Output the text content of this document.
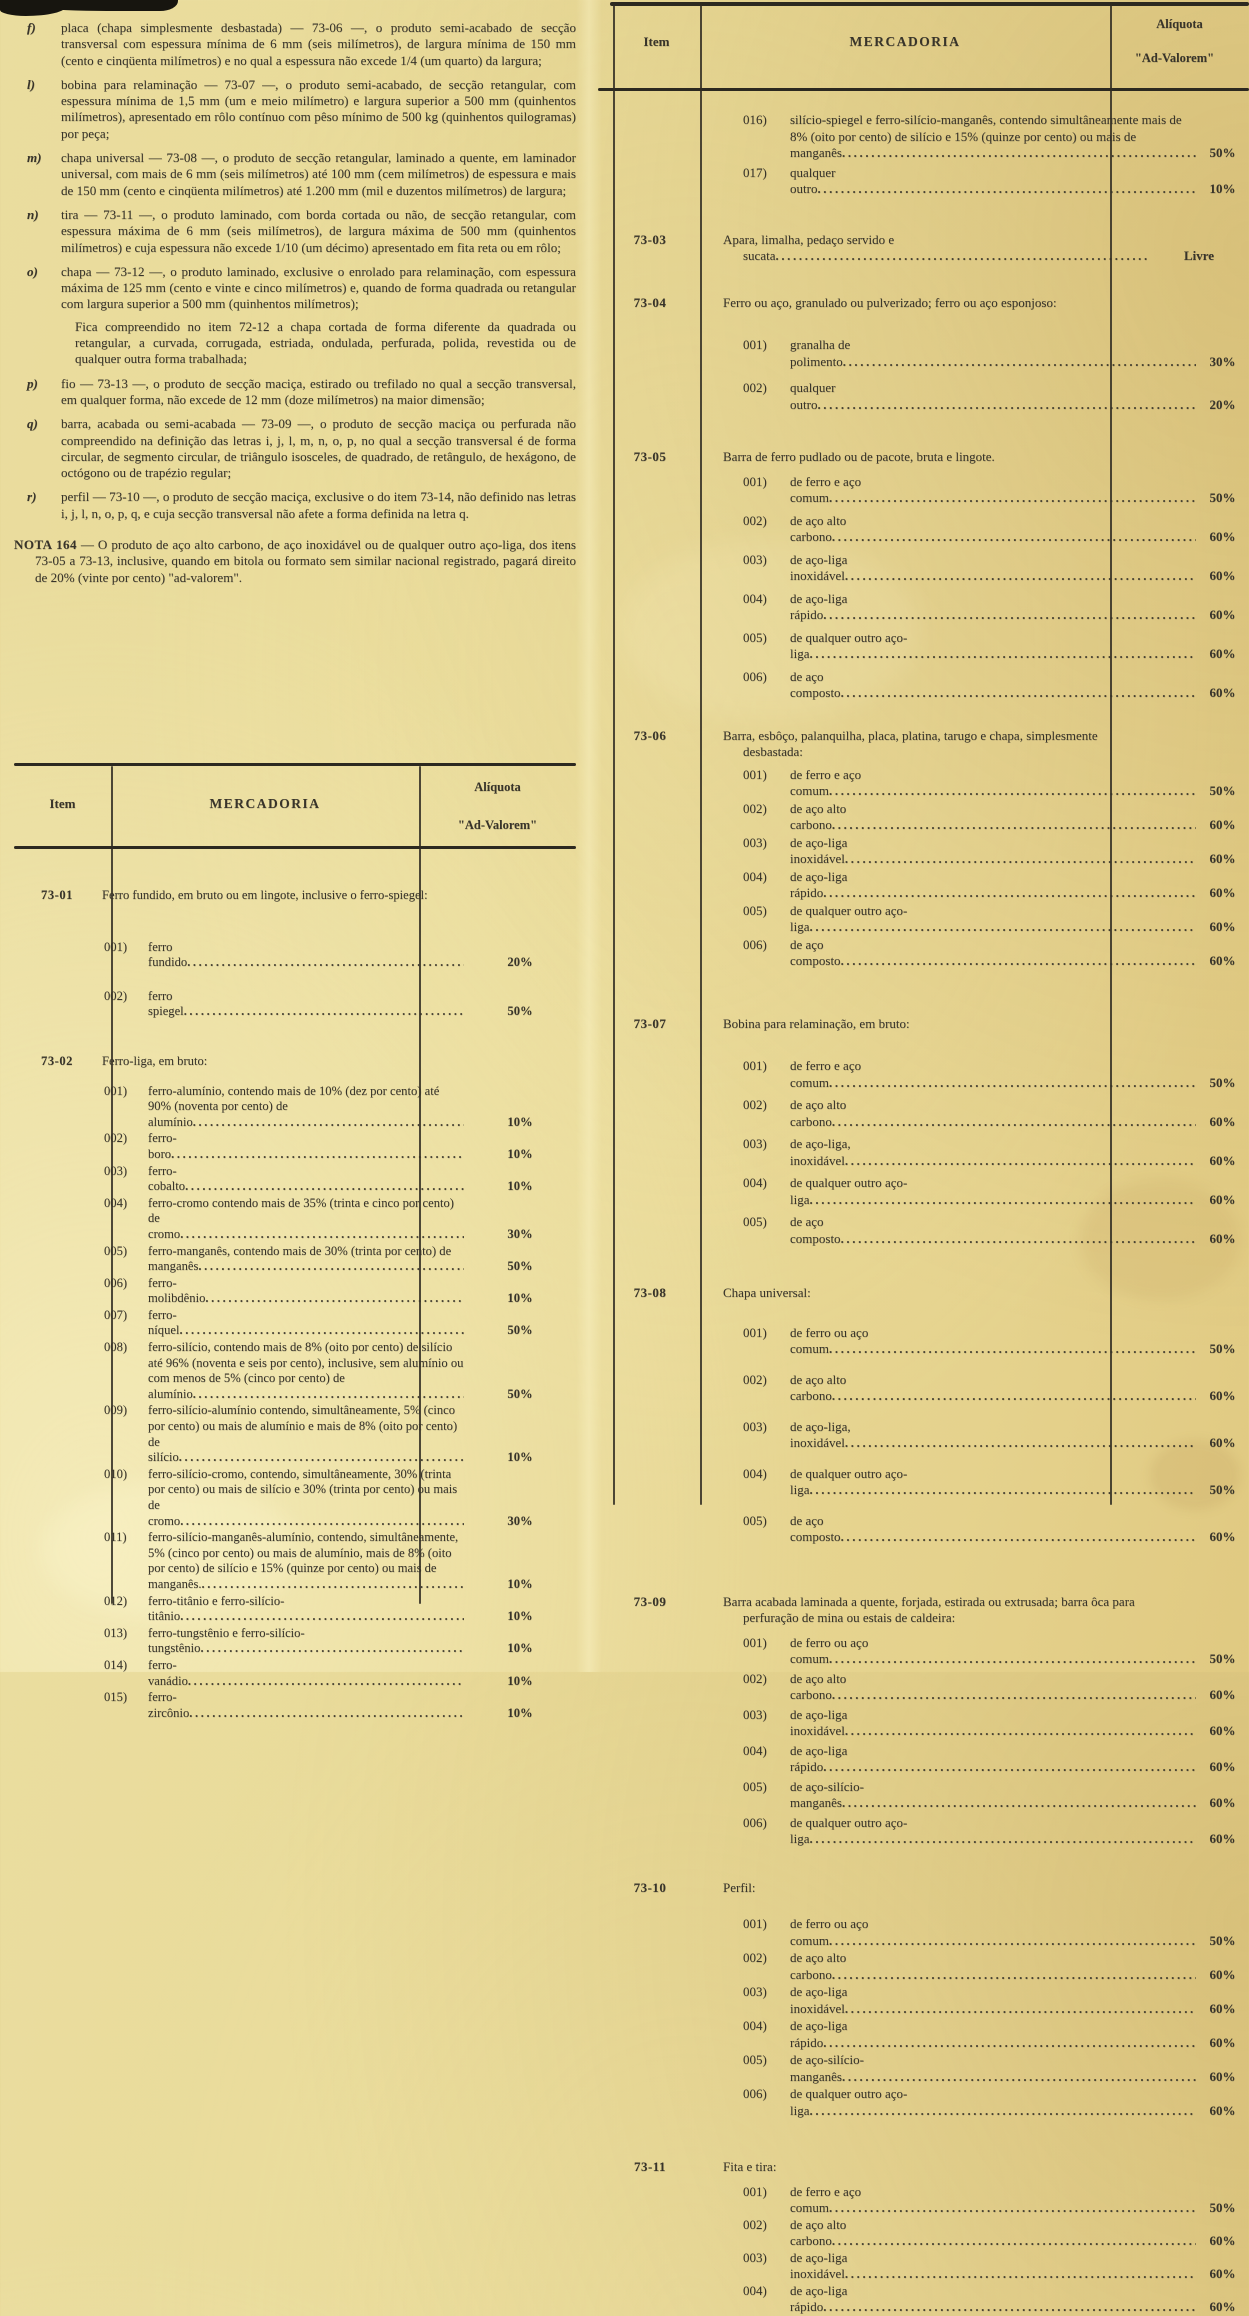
f) placa (chapa simplesmente desbastada) — 73-06 —, o produto semi-acabado de secção transversal com espessura mínima de 6 mm (seis milímetros), de largura mínima de 150 mm (cento e cinqüenta milímetros) e no qual a espessura não excede 1/4 (um quarto) da largura;
l) bobina para relaminação — 73-07 —, o produto semi-acabado, de secção retangular, com espessura mínima de 1,5 mm (um e meio milímetro) e largura superior a 500 mm (quinhentos milímetros), apresentado em rôlo contínuo com pêso mínimo de 500 kg (quinhentos quilogramas) por peça;
m) chapa universal — 73-08 —, o produto de secção retangular, laminado a quente, em laminador universal, com mais de 6 mm (seis milímetros) até 100 mm (cem milímetros) de espessura e mais de 150 mm (cento e cinqüenta milímetros) até 1.200 mm (mil e duzentos milímetros) de largura;
n) tira — 73-11 —, o produto laminado, com borda cortada ou não, de secção retangular, com espessura máxima de 6 mm (seis milímetros), de largura máxima de 500 mm (quinhentos milímetros) e cuja espessura não excede 1/10 (um décimo) apresentado em fita reta ou em rôlo;
o) chapa — 73-12 —, o produto laminado, exclusive o enrolado para relaminação, com espessura máxima de 125 mm (cento e vinte e cinco milímetros) e, quando de forma quadrada ou retangular com largura superior a 500 mm (quinhentos milímetros);
Fica compreendido no item 72-12 a chapa cortada de forma diferente da quadrada ou retangular, a curvada, corrugada, estriada, ondulada, perfurada, polida, revestida ou de qualquer outra forma trabalhada;
p) fio — 73-13 —, o produto de secção maciça, estirado ou trefilado no qual a secção transversal, em qualquer forma, não excede de 12 mm (doze milímetros) na maior dimensão;
q) barra, acabada ou semi-acabada — 73-09 —, o produto de secção maciça ou perfurada não compreendido na definição das letras i, j, l, m, n, o, p, no qual a secção transversal é de forma circular, de segmento circular, de triângulo isosceles, de quadrado, de retângulo, de hexágono, de octógono ou de trapézio regular;
r) perfil — 73-10 —, o produto de secção maciça, exclusive o do item 73-14, não definido nas letras i, j, l, n, o, p, q, e cuja secção transversal não afete a forma definida na letra q.
NOTA 164 — O produto de aço alto carbono, de aço inoxidável ou de qualquer outro aço-liga, dos itens 73-05 a 73-13, inclusive, quando em bitola ou formato sem similar nacional registrado, pagará direito de 20% (vinte por cento) "ad-valorem".
Item	MERCADORIA
Alíquota
"Ad-Valorem"
73-01	Ferro fundido, em bruto ou em lingote, inclusive o ferro-spiegel:
001) ferro fundido .....	20%
002) ferro spiegel .....	50%
73-02	Ferro-liga, em bruto:
001) ferro-alumínio, contendo mais de 10% (dez por cento) até 90% (noventa por cento) de alumínio .....	10%
002) ferro-boro .....	10%
003) ferro-cobalto .....	10%
004) ferro-cromo contendo mais de 35% (trinta e cinco por cento) de cromo .....	30%
005) ferro-manganês, contendo mais de 30% (trinta por cento) de manganês .....	50%
006) ferro-molibdênio .....	10%
007) ferro-níquel .....	50%
008) ferro-silício, contendo mais de 8% (oito por cento) de silício até 96% (noventa e seis por cento), inclusive, sem alumínio ou com menos de 5% (cinco por cento) de alumínio .....	50%
009) ferro-silício-alumínio contendo, simultâneamente, 5% (cinco por cento) ou mais de alumínio e mais de 8% (oito por cento) de silício .....	10%
010) ferro-silício-cromo, contendo, simultâneamente, 30% (trinta por cento) ou mais de silício e 30% (trinta por cento) ou mais de cromo .....	30%
011) ferro-silício-manganês-alumínio, contendo, simultâneamente, 5% (cinco por cento) ou mais de alumínio, mais de 8% (oito por cento) de silício e 15% (quinze por cento) ou mais de manganês. .....	10%
012) ferro-titânio e ferro-silício-titânio .....	10%
013) ferro-tungstênio e ferro-silício-tungstênio .....	10%
014) ferro-vanádio .....	10%
015) ferro-zircônio .....	10%
Item	MERCADORIA
Alíquota
"Ad-Valorem"
016) silício-spiegel e ferro-silício-manganês, contendo simultâneamente mais de 8% (oito por cento) de silício e 15% (quinze por cento) ou mais de manganês .....	50%
017) qualquer outro .....	10%
73-03	Apara, limalha, pedaço servido e sucata .....	Livre
73-04	Ferro ou aço, granulado ou pulverizado; ferro ou aço esponjoso:
001) granalha de polimento .....	30%
002) qualquer outro .....	20%
73-05	Barra de ferro pudlado ou de pacote, bruta e lingote.
001) de ferro e aço comum .....	50%
002) de aço alto carbono .....	60%
003) de aço-liga inoxidável .....	60%
004) de aço-liga rápido .....	60%
005) de qualquer outro aço-liga .....	60%
006) de aço composto .....	60%
73-06	Barra, esbôço, palanquilha, placa, platina, tarugo e chapa, simplesmente desbastada:
001) de ferro e aço comum .....	50%
002) de aço alto carbono .....	60%
003) de aço-liga inoxidável .....	60%
004) de aço-liga rápido .....	60%
005) de qualquer outro aço-liga .....	60%
006) de aço composto .....	60%
73-07	Bobina para relaminação, em bruto:
001) de ferro e aço comum .....	50%
002) de aço alto carbono .....	60%
003) de aço-liga, inoxidável .....	60%
004) de qualquer outro aço-liga .....	60%
005) de aço composto .....	60%
73-08	Chapa universal:
001) de ferro ou aço comum .....	50%
002) de aço alto carbono .....	60%
003) de aço-liga, inoxidável .....	60%
004) de qualquer outro aço-liga .....	50%
005) de aço composto .....	60%
73-09	Barra acabada laminada a quente, forjada, estirada ou extrusada; barra ôca para perfuração de mina ou estais de caldeira:
001) de ferro ou aço comum .....	50%
002) de aço alto carbono .....	60%
003) de aço-liga inoxidável .....	60%
004) de aço-liga rápido .....	60%
005) de aço-silício-manganês .....	60%
006) de qualquer outro aço-liga .....	60%
73-10	Perfil:
001) de ferro ou aço comum .....	50%
002) de aço alto carbono .....	60%
003) de aço-liga inoxidável .....	60%
004) de aço-liga rápido .....	60%
005) de aço-silício-manganês .....	60%
006) de qualquer outro aço-liga .....	60%
73-11	Fita e tira:
001) de ferro e aço comum .....	50%
002) de aço alto carbono .....	60%
003) de aço-liga inoxidável .....	60%
004) de aço-liga rápido .....	60%
